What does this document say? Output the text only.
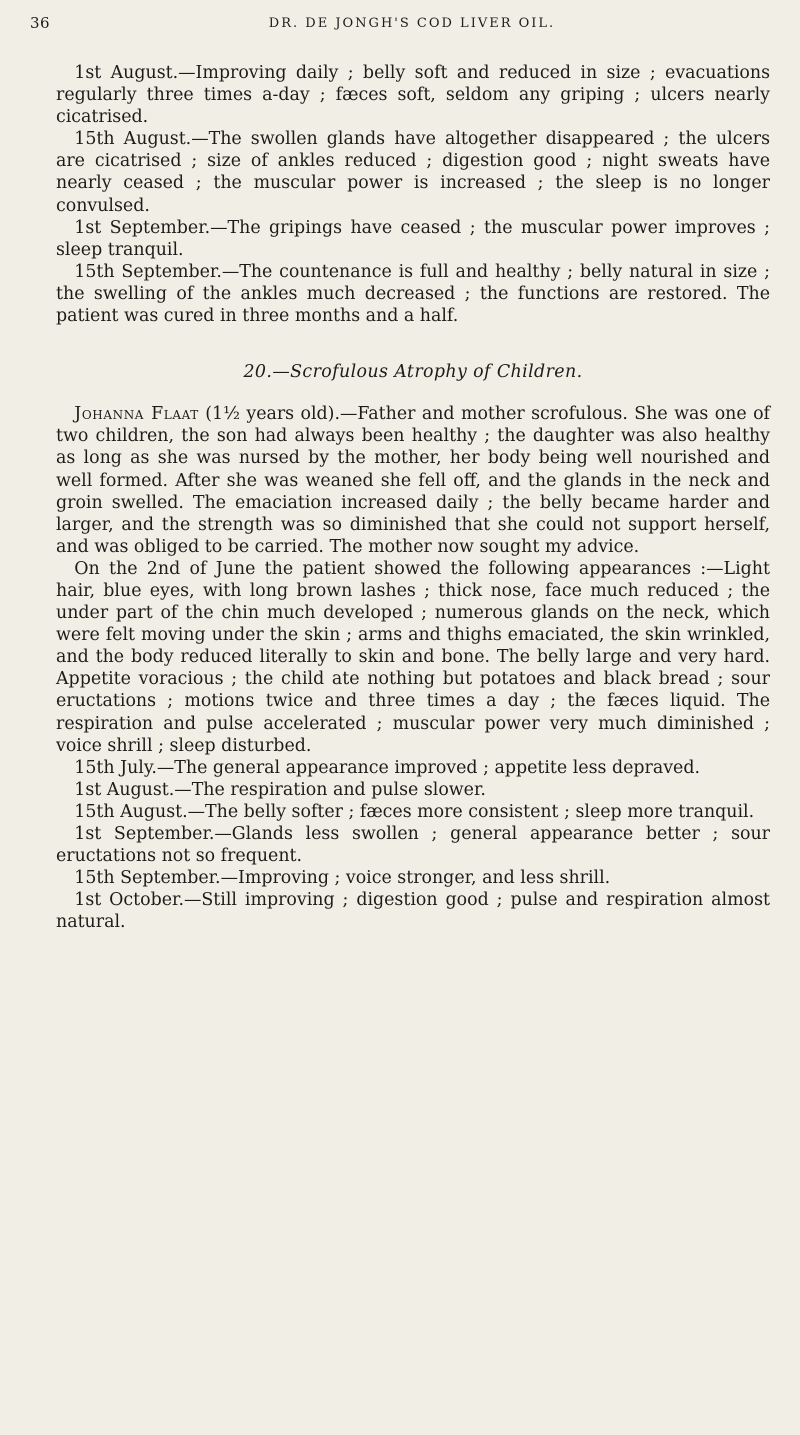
36	DR. DE JONGH'S COD LIVER OIL.

1st August.—Improving daily ; belly soft and reduced in size ; evacuations regularly three times a-day ; fæces soft, seldom any griping ; ulcers nearly cicatrised.

15th August.—The swollen glands have altogether disappeared ; the ulcers are cicatrised ; size of ankles reduced ; digestion good ; night sweats have nearly ceased ; the muscular power is increased ; the sleep is no longer convulsed.

1st September.—The gripings have ceased ; the muscular power improves ; sleep tranquil.

15th September.—The countenance is full and healthy ; belly natural in size ; the swelling of the ankles much decreased ; the functions are restored. The patient was cured in three months and a half.

20.—Scrofulous Atrophy of Children.

Johanna Flaat (1½ years old).—Father and mother scrofulous. She was one of two children, the son had always been healthy ; the daughter was also healthy as long as she was nursed by the mother, her body being well nourished and well formed. After she was weaned she fell off, and the glands in the neck and groin swelled. The emaciation increased daily ; the belly became harder and larger, and the strength was so diminished that she could not support herself, and was obliged to be carried. The mother now sought my advice.

On the 2nd of June the patient showed the following appearances :—Light hair, blue eyes, with long brown lashes ; thick nose, face much reduced ; the under part of the chin much developed ; numerous glands on the neck, which were felt moving under the skin ; arms and thighs emaciated, the skin wrinkled, and the body reduced literally to skin and bone. The belly large and very hard. Appetite voracious ; the child ate nothing but potatoes and black bread ; sour eructations ; motions twice and three times a day ; the fæces liquid. The respiration and pulse accelerated ; muscular power very much diminished ; voice shrill ; sleep disturbed.

15th July.—The general appearance improved ; appetite less depraved.

1st August.—The respiration and pulse slower.

15th August.—The belly softer ; fæces more consistent ; sleep more tranquil.

1st September.—Glands less swollen ; general appearance better ; sour eructations not so frequent.

15th September.—Improving ; voice stronger, and less shrill.

1st October.—Still improving ; digestion good ; pulse and respiration almost natural.
